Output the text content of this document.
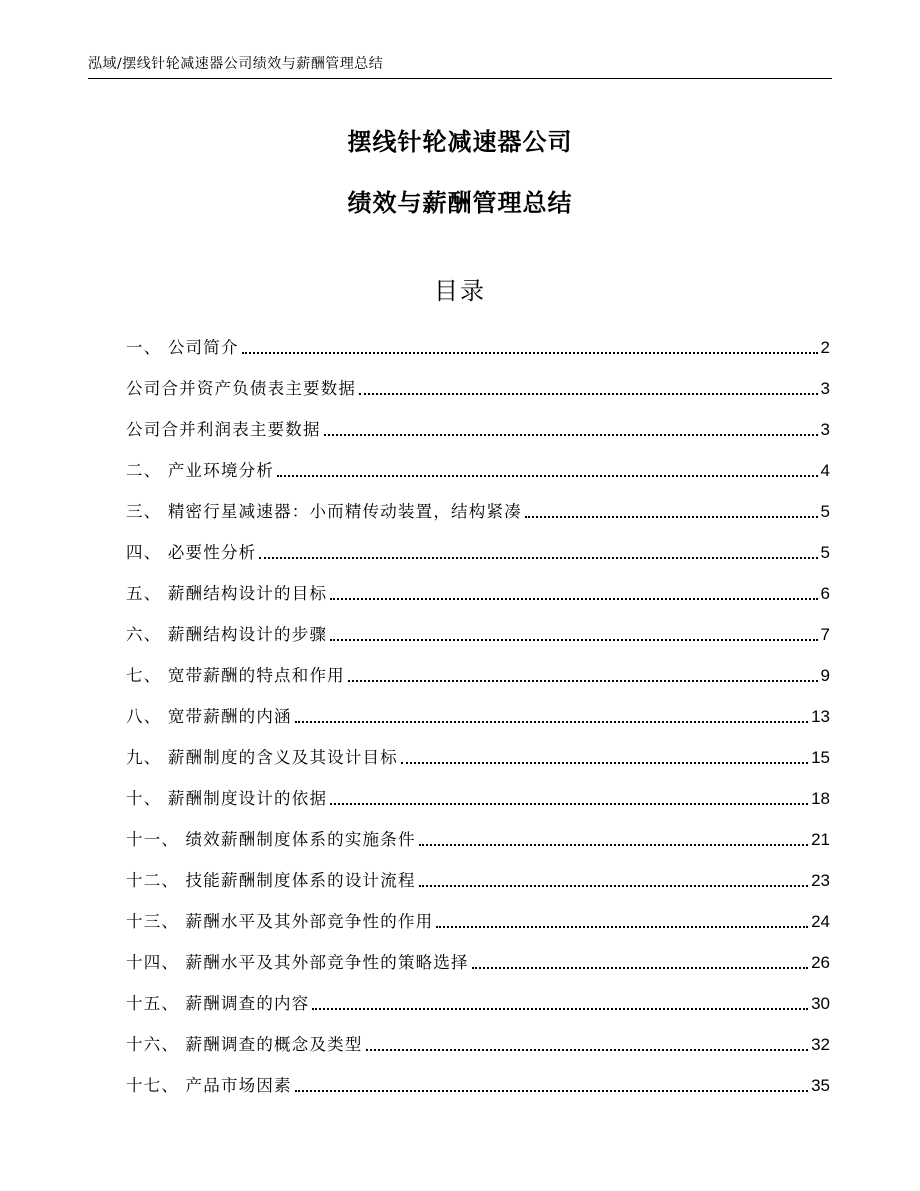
泓域/摆线针轮减速器公司绩效与薪酬管理总结
摆线针轮减速器公司
绩效与薪酬管理总结
目录
一、 公司简介	2
公司合并资产负债表主要数据	3
公司合并利润表主要数据	3
二、 产业环境分析	4
三、 精密行星减速器：小而精传动装置，结构紧凑	5
四、 必要性分析	5
五、 薪酬结构设计的目标	6
六、 薪酬结构设计的步骤	7
七、 宽带薪酬的特点和作用	9
八、 宽带薪酬的内涵	13
九、 薪酬制度的含义及其设计目标	15
十、 薪酬制度设计的依据	18
十一、 绩效薪酬制度体系的实施条件	21
十二、 技能薪酬制度体系的设计流程	23
十三、 薪酬水平及其外部竞争性的作用	24
十四、 薪酬水平及其外部竞争性的策略选择	26
十五、 薪酬调查的内容	30
十六、 薪酬调查的概念及类型	32
十七、 产品市场因素	35
